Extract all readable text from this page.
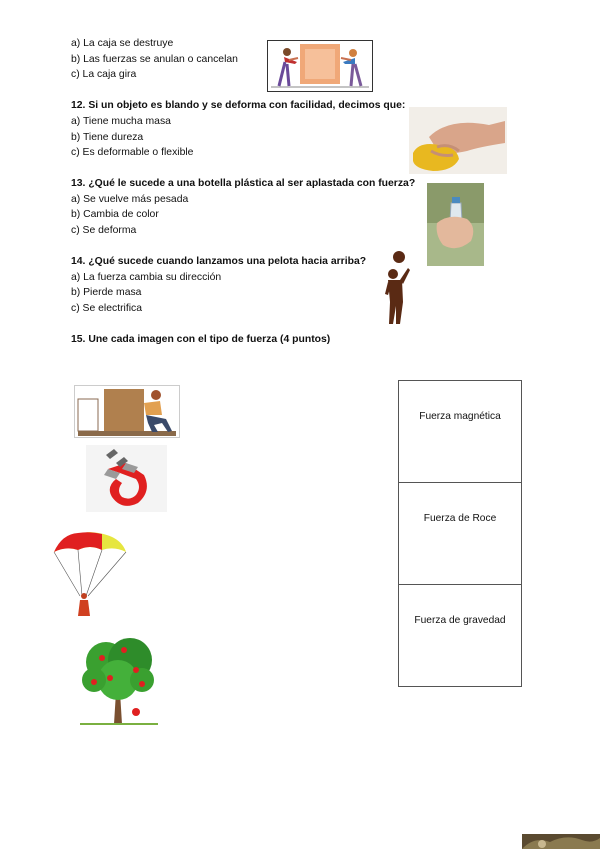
a) La caja se destruye
b) Las fuerzas se anulan o cancelan
c) La caja gira
12. Si un objeto es blando y se deforma con facilidad, decimos que:
a) Tiene mucha masa
b) Tiene dureza
c) Es deformable o flexible
13. ¿Qué le sucede a una botella plástica al ser aplastada con fuerza?
a) Se vuelve más pesada
b) Cambia de color
c) Se deforma
14. ¿Qué sucede cuando lanzamos una pelota hacia arriba?
a) La fuerza cambia su dirección
b) Pierde masa
c) Se electrifica
15. Une cada imagen con el tipo de fuerza (4 puntos)
Fuerza magnética
Fuerza de Roce
Fuerza de gravedad
